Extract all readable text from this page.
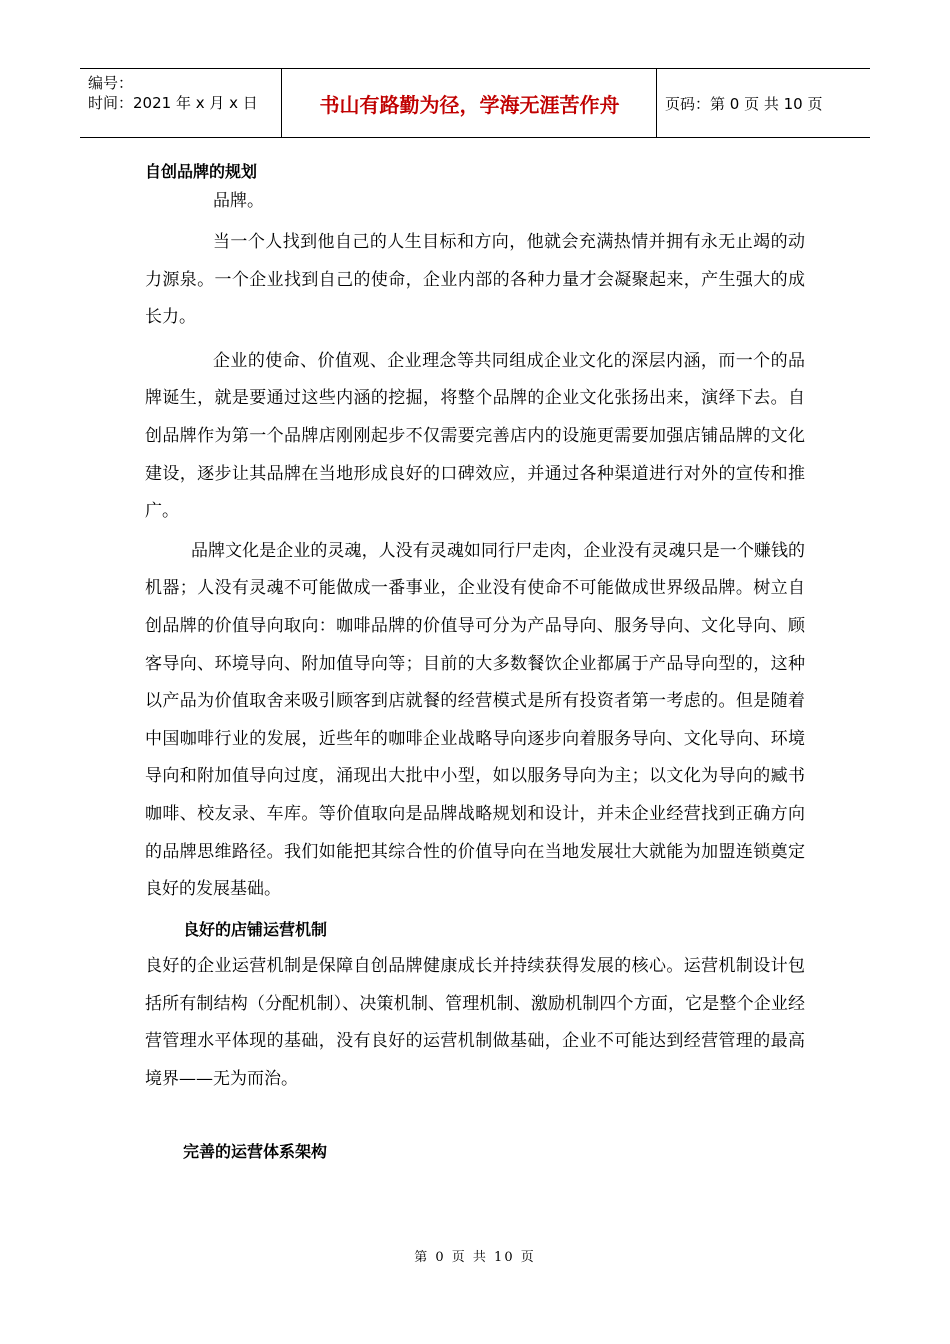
编号：
时间：2021 年 x 月 x 日	书山有路勤为径，学海无涯苦作舟	页码：第 0 页 共 10 页

自创品牌的规划

品牌。

当一个人找到他自己的人生目标和方向，他就会充满热情并拥有永无止竭的动力源泉。一个企业找到自己的使命，企业内部的各种力量才会凝聚起来，产生强大的成长力。

企业的使命、价值观、企业理念等共同组成企业文化的深层内涵，而一个的品牌诞生，就是要通过这些内涵的挖掘，将整个品牌的企业文化张扬出来，演绎下去。自创品牌作为第一个品牌店刚刚起步不仅需要完善店内的设施更需要加强店铺品牌的文化建设，逐步让其品牌在当地形成良好的口碑效应，并通过各种渠道进行对外的宣传和推广。

品牌文化是企业的灵魂，人没有灵魂如同行尸走肉，企业没有灵魂只是一个赚钱的机器；人没有灵魂不可能做成一番事业，企业没有使命不可能做成世界级品牌。树立自创品牌的价值导向取向：咖啡品牌的价值导可分为产品导向、服务导向、文化导向、顾客导向、环境导向、附加值导向等；目前的大多数餐饮企业都属于产品导向型的，这种以产品为价值取舍来吸引顾客到店就餐的经营模式是所有投资者第一考虑的。但是随着中国咖啡行业的发展，近些年的咖啡企业战略导向逐步向着服务导向、文化导向、环境导向和附加值导向过度，涌现出大批中小型，如以服务导向为主；以文化为导向的臧书咖啡、校友录、车库。等价值取向是品牌战略规划和设计，并未企业经营找到正确方向的品牌思维路径。我们如能把其综合性的价值导向在当地发展壮大就能为加盟连锁奠定良好的发展基础。

良好的店铺运营机制

良好的企业运营机制是保障自创品牌健康成长并持续获得发展的核心。运营机制设计包括所有制结构（分配机制）、决策机制、管理机制、激励机制四个方面，它是整个企业经营管理水平体现的基础，没有良好的运营机制做基础，企业不可能达到经营管理的最高境界——无为而治。

完善的运营体系架构

第 0 页 共 10 页
